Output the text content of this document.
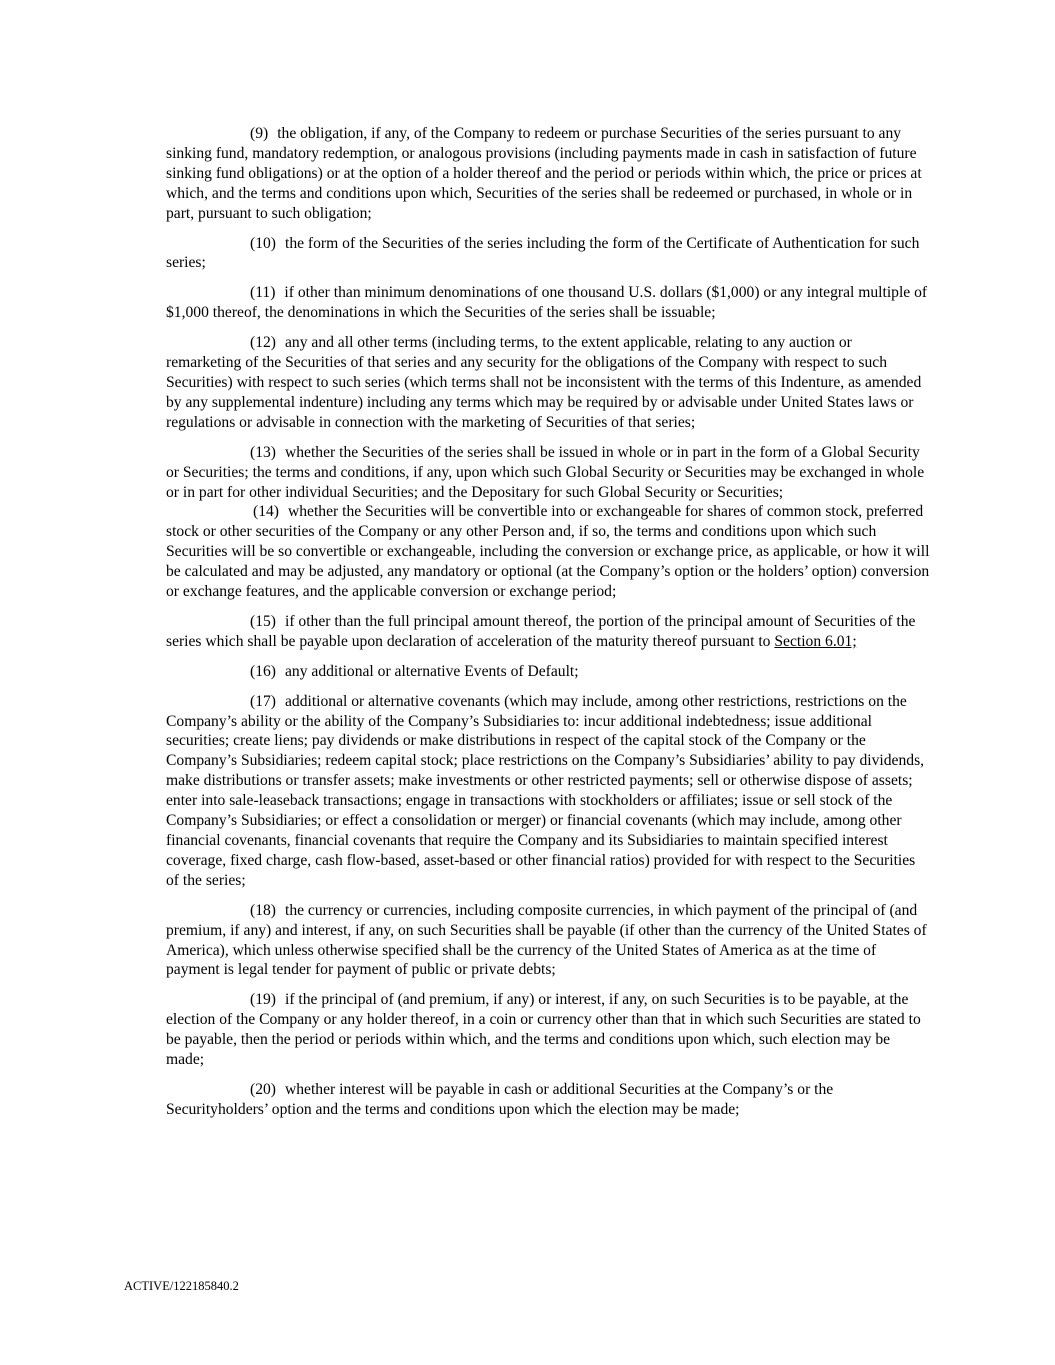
(9) the obligation, if any, of the Company to redeem or purchase Securities of the series pursuant to any sinking fund, mandatory redemption, or analogous provisions (including payments made in cash in satisfaction of future sinking fund obligations) or at the option of a holder thereof and the period or periods within which, the price or prices at which, and the terms and conditions upon which, Securities of the series shall be redeemed or purchased, in whole or in part, pursuant to such obligation;

(10) the form of the Securities of the series including the form of the Certificate of Authentication for such series;

(11) if other than minimum denominations of one thousand U.S. dollars ($1,000) or any integral multiple of $1,000 thereof, the denominations in which the Securities of the series shall be issuable;

(12) any and all other terms (including terms, to the extent applicable, relating to any auction or remarketing of the Securities of that series and any security for the obligations of the Company with respect to such Securities) with respect to such series (which terms shall not be inconsistent with the terms of this Indenture, as amended by any supplemental indenture) including any terms which may be required by or advisable under United States laws or regulations or advisable in connection with the marketing of Securities of that series;

(13) whether the Securities of the series shall be issued in whole or in part in the form of a Global Security or Securities; the terms and conditions, if any, upon which such Global Security or Securities may be exchanged in whole or in part for other individual Securities; and the Depositary for such Global Security or Securities;

(14) whether the Securities will be convertible into or exchangeable for shares of common stock, preferred stock or other securities of the Company or any other Person and, if so, the terms and conditions upon which such Securities will be so convertible or exchangeable, including the conversion or exchange price, as applicable, or how it will be calculated and may be adjusted, any mandatory or optional (at the Company’s option or the holders’ option) conversion or exchange features, and the applicable conversion or exchange period;

(15) if other than the full principal amount thereof, the portion of the principal amount of Securities of the series which shall be payable upon declaration of acceleration of the maturity thereof pursuant to Section 6.01;

(16) any additional or alternative Events of Default;

(17) additional or alternative covenants (which may include, among other restrictions, restrictions on the Company’s ability or the ability of the Company’s Subsidiaries to: incur additional indebtedness; issue additional securities; create liens; pay dividends or make distributions in respect of the capital stock of the Company or the Company’s Subsidiaries; redeem capital stock; place restrictions on the Company’s Subsidiaries’ ability to pay dividends, make distributions or transfer assets; make investments or other restricted payments; sell or otherwise dispose of assets; enter into sale-leaseback transactions; engage in transactions with stockholders or affiliates; issue or sell stock of the Company’s Subsidiaries; or effect a consolidation or merger) or financial covenants (which may include, among other financial covenants, financial covenants that require the Company and its Subsidiaries to maintain specified interest coverage, fixed charge, cash flow-based, asset-based or other financial ratios) provided for with respect to the Securities of the series;

(18) the currency or currencies, including composite currencies, in which payment of the principal of (and premium, if any) and interest, if any, on such Securities shall be payable (if other than the currency of the United States of America), which unless otherwise specified shall be the currency of the United States of America as at the time of payment is legal tender for payment of public or private debts;

(19) if the principal of (and premium, if any) or interest, if any, on such Securities is to be payable, at the election of the Company or any holder thereof, in a coin or currency other than that in which such Securities are stated to be payable, then the period or periods within which, and the terms and conditions upon which, such election may be made;

(20) whether interest will be payable in cash or additional Securities at the Company’s or the Securityholders’ option and the terms and conditions upon which the election may be made;

ACTIVE/122185840.2
